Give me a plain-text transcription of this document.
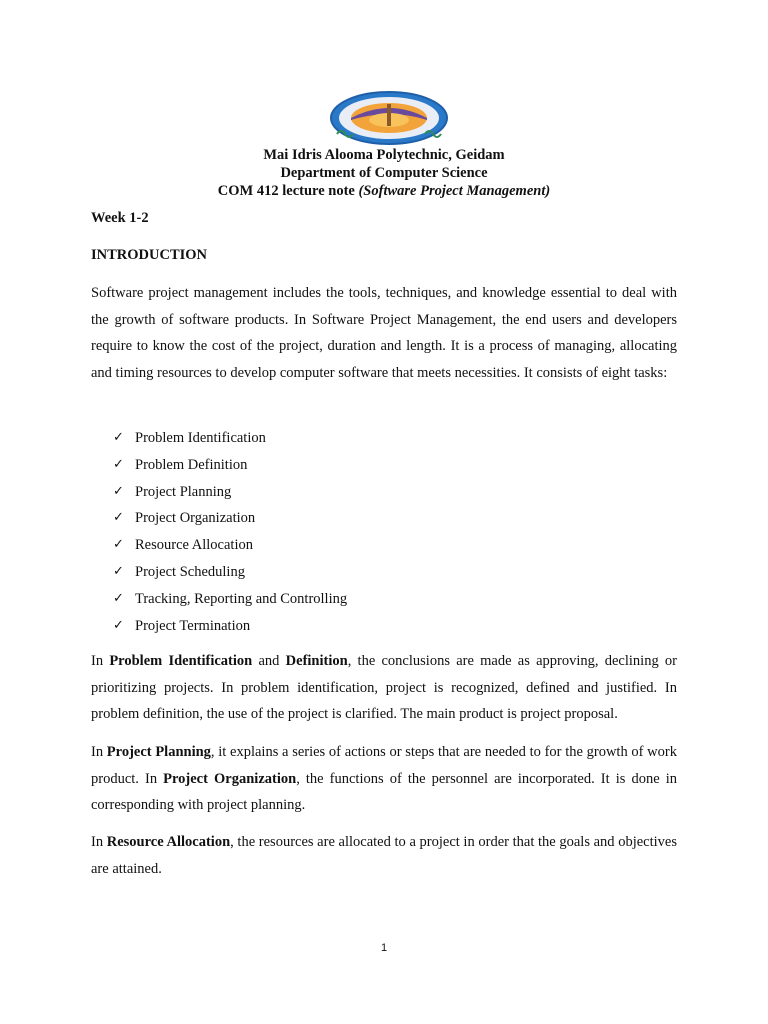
Mai Idris Alooma Polytechnic, Geidam
Department of Computer Science
COM 412 lecture note (Software Project Management)
Week 1-2
INTRODUCTION
Software project management includes the tools, techniques, and knowledge essential to deal with the growth of software products. In Software Project Management, the end users and developers require to know the cost of the project, duration and length. It is a process of managing, allocating and timing resources to develop computer software that meets necessities. It consists of eight tasks:
✓ Problem Identification
✓ Problem Definition
✓ Project Planning
✓ Project Organization
✓ Resource Allocation
✓ Project Scheduling
✓ Tracking, Reporting and Controlling
✓ Project Termination
In Problem Identification and Definition, the conclusions are made as approving, declining or prioritizing projects. In problem identification, project is recognized, defined and justified. In problem definition, the use of the project is clarified. The main product is project proposal.
In Project Planning, it explains a series of actions or steps that are needed to for the growth of work product. In Project Organization, the functions of the personnel are incorporated. It is done in corresponding with project planning.
In Resource Allocation, the resources are allocated to a project in order that the goals and objectives are attained.
1
